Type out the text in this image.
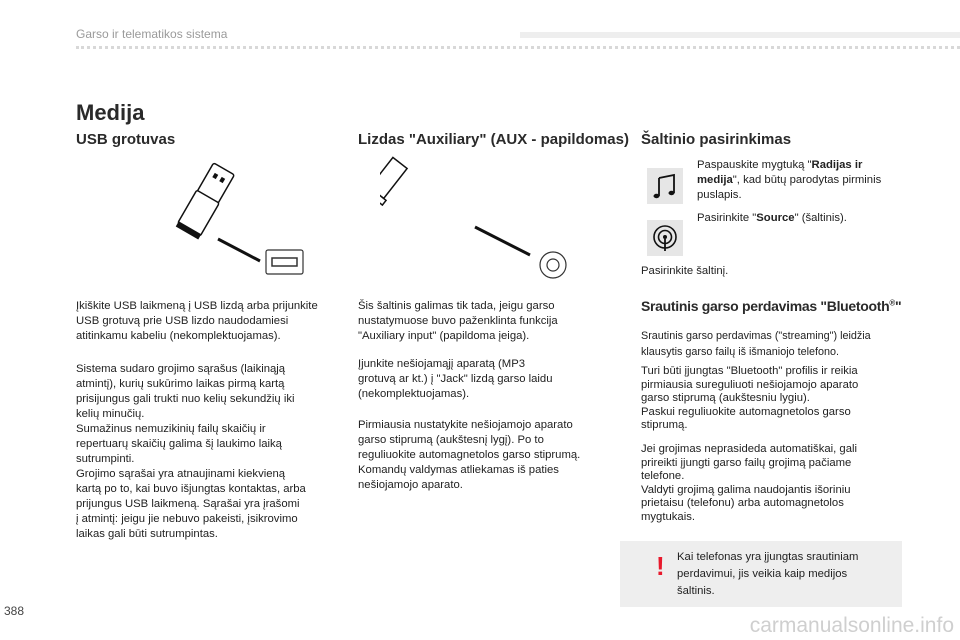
Garso ir telematikos sistema
Medija
USB grotuvas
Įkiškite USB laikmeną į USB lizdą arba prijunkite
USB grotuvą prie USB lizdo naudodamiesi
atitinkamu kabeliu (nekomplektuojamas).
Sistema sudaro grojimo sąrašus (laikinąją
atmintį), kurių sukūrimo laikas pirmą kartą
prisijungus gali trukti nuo kelių sekundžių iki
kelių minučių.
Sumažinus nemuzikinių failų skaičių ir
repertuarų skaičių galima šį laukimo laiką
sutrumpinti.
Grojimo sąrašai yra atnaujinami kiekvieną
kartą po to, kai buvo išjungtas kontaktas, arba
prijungus USB laikmeną. Sąrašai yra įrašomi
į atmintį: jeigu jie nebuvo pakeisti, įsikrovimo
laikas gali būti sutrumpintas.
Lizdas "Auxiliary" (AUX - papildomas)
Šis šaltinis galimas tik tada, jeigu garso
nustatymuose buvo paženklinta funkcija
"Auxiliary input" (papildoma įeiga).
Įjunkite nešiojamąjį aparatą (MP3
grotuvą ar kt.) į "Jack" lizdą garso laidu
(nekomplektuojamas).
Pirmiausia nustatykite nešiojamojo aparato
garso stiprumą (aukštesnį lygį). Po to
reguliuokite automagnetolos garso stiprumą.
Komandų valdymas atliekamas iš paties
nešiojamojo aparato.
Šaltinio pasirinkimas
Paspauskite mygtuką "Radijas ir medija", kad būtų parodytas pirminis puslapis.
Pasirinkite "Source" (šaltinis).
Pasirinkite šaltinį.
Srautinis garso perdavimas "Bluetooth®"
Srautinis garso perdavimas ("streaming") leidžia
klausytis garso failų iš išmaniojo telefono.
Turi būti įjungtas "Bluetooth" profilis ir reikia
pirmiausia sureguliuoti nešiojamojo aparato
garso stiprumą (aukštesniu lygiu).
Paskui reguliuokite automagnetolos garso
stiprumą.
Jei grojimas neprasideda automatiškai, gali
prireikti įjungti garso failų grojimą pačiame
telefone.
Valdyti grojimą galima naudojantis išoriniu
prietaisu (telefonu) arba automagnetolos
mygtukais.
! Kai telefonas yra įjungtas srautiniam
perdavimui, jis veikia kaip medijos
šaltinis.
388
carmanualsonline.info
